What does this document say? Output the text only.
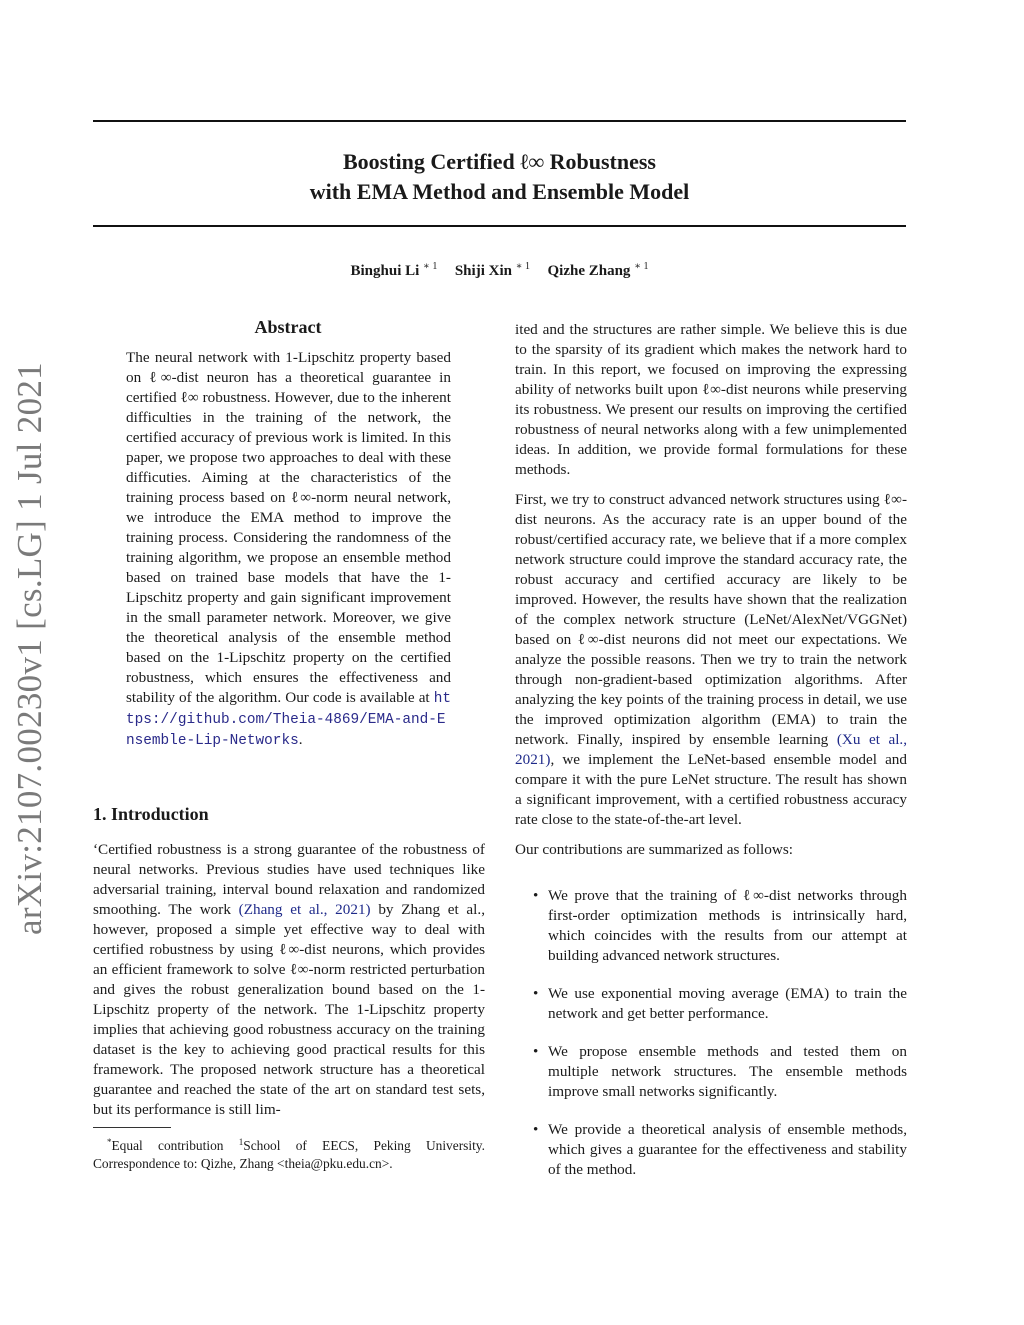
Boosting Certified ℓ∞ Robustness
with EMA Method and Ensemble Model
Binghui Li $^{∗ 1}$ Shiji Xin $^{∗ 1}$ Qizhe Zhang $^{∗ 1}$
arXiv:2107.00230v1 [cs.LG] 1 Jul 2021
Abstract

The neural network with 1-Lipschitz property based on ℓ∞-dist neuron has a theoretical guarantee in certified ℓ∞ robustness. However, due to the inherent difficulties in the training of the network, the certified accuracy of previous work is limited. In this paper, we propose two approaches to deal with these difficuties. Aiming at the characteristics of the training process based on ℓ∞-norm neural network, we introduce the EMA method to improve the training process. Considering the randomness of the training algorithm, we propose an ensemble method based on trained base models that have the 1-Lipschitz property and gain significant improvement in the small parameter network. Moreover, we give the theoretical analysis of the ensemble method based on the 1-Lipschitz property on the certified robustness, which ensures the effectiveness and stability of the algorithm. Our code is available at https://github.com/Theia-4869/EMA-and-Ensemble-Lip-Networks.

1. Introduction

‘Certified robustness is a strong guarantee of the robustness of neural networks. Previous studies have used techniques like adversarial training, interval bound relaxation and randomized smoothing. The work (Zhang et al., 2021) by Zhang et al., however, proposed a simple yet effective way to deal with certified robustness by using ℓ∞-dist neurons, which provides an efficient framework to solve ℓ∞-norm restricted perturbation and gives the robust generalization bound based on the 1-Lipschitz property of the network. The 1-Lipschitz property implies that achieving good robustness accuracy on the training dataset is the key to achieving good practical results for this framework. The proposed network structure has a theoretical guarantee and reached the state of the art on standard test sets, but its performance is still lim-

ited and the structures are rather simple. We believe this is due to the sparsity of its gradient which makes the network hard to train. In this report, we focused on improving the expressing ability of networks built upon ℓ∞-dist neurons while preserving its robustness. We present our results on improving the certified robustness of neural networks along with a few unimplemented ideas. In addition, we provide formal formulations for these methods.

First, we try to construct advanced network structures using ℓ∞-dist neurons. As the accuracy rate is an upper bound of the robust/certified accuracy rate, we believe that if a more complex network structure could improve the standard accuracy rate, the robust accuracy and certified accuracy are likely to be improved. However, the results have shown that the realization of the complex network structure (LeNet/AlexNet/VGGNet) based on ℓ∞-dist neurons did not meet our expectations. We analyze the possible reasons. Then we try to train the network through non-gradient-based optimization algorithms. After analyzing the key points of the training process in detail, we use the improved optimization algorithm (EMA) to train the network. Finally, inspired by ensemble learning (Xu et al., 2021), we implement the LeNet-based ensemble model and compare it with the pure LeNet structure. The result has shown a significant improvement, with a certified robustness accuracy rate close to the state-of-the-art level.

Our contributions are summarized as follows:

• We prove that the training of ℓ∞-dist networks through first-order optimization methods is intrinsically hard, which coincides with the results from our attempt at building advanced network structures.
• We use exponential moving average (EMA) to train the network and get better performance.
• We propose ensemble methods and tested them on multiple network structures. The ensemble methods improve small networks significantly.
• We provide a theoretical analysis of ensemble methods, which gives a guarantee for the effectiveness and stability of the method.
*Equal contribution $^1$School of EECS, Peking University. Correspondence to: Qizhe, Zhang <theia@pku.edu.cn>.
